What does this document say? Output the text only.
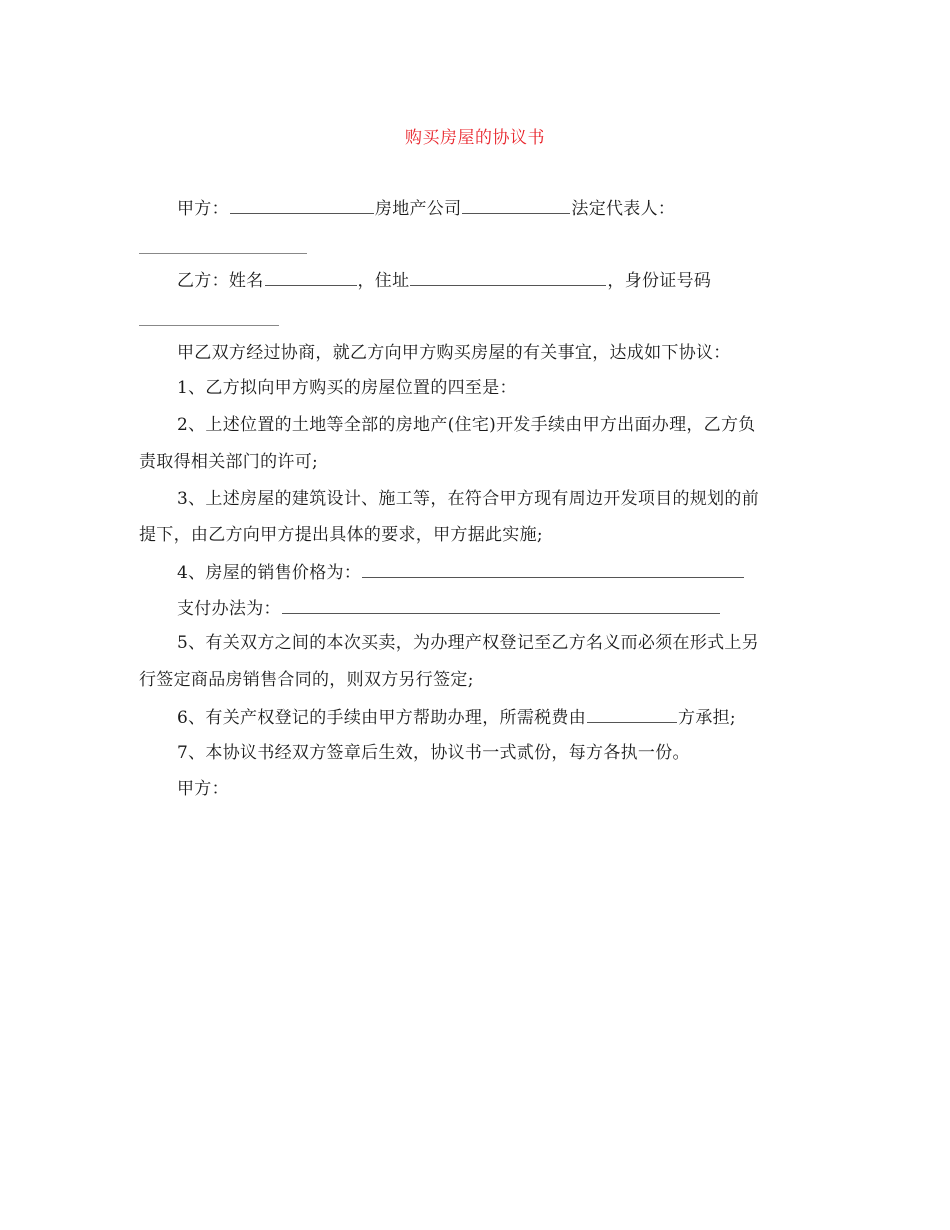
购买房屋的协议书
甲方：	房地产公司	法定代表人：
乙方：姓名	，住址	，身份证号码
甲乙双方经过协商，就乙方向甲方购买房屋的有关事宜，达成如下协议：
1、乙方拟向甲方购买的房屋位置的四至是：
2、上述位置的土地等全部的房地产(住宅)开发手续由甲方出面办理，乙方负
责取得相关部门的许可;
3、上述房屋的建筑设计、施工等，在符合甲方现有周边开发项目的规划的前
提下，由乙方向甲方提出具体的要求，甲方据此实施;
4、房屋的销售价格为：
支付办法为：
5、有关双方之间的本次买卖，为办理产权登记至乙方名义而必须在形式上另
行签定商品房销售合同的，则双方另行签定;
6、有关产权登记的手续由甲方帮助办理，所需税费由	方承担;
7、本协议书经双方签章后生效，协议书一式贰份，每方各执一份。
甲方：
